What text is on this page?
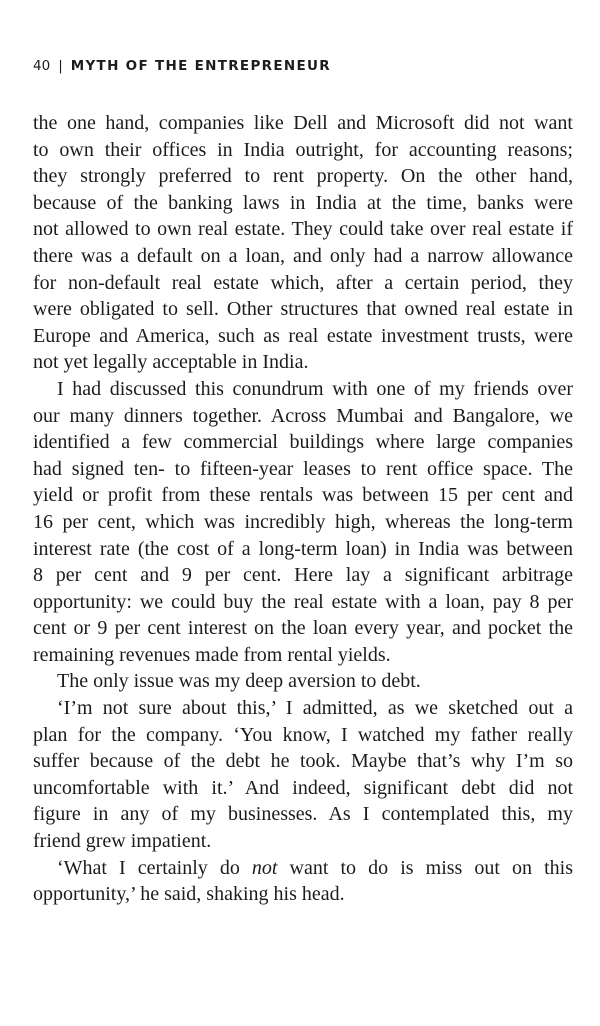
40 | MYTH OF THE ENTREPRENEUR

the one hand, companies like Dell and Microsoft did not want

to own their offices in India outright, for accounting reasons;

they strongly preferred to rent property. On the other hand,

because of the banking laws in India at the time, banks were

not allowed to own real estate. They could take over real estate if

there was a default on a loan, and only had a narrow allowance

for non-default real estate which, after a certain period, they

were obligated to sell. Other structures that owned real estate in

Europe and America, such as real estate investment trusts, were

not yet legally acceptable in India.

I had discussed this conundrum with one of my friends over

our many dinners together. Across Mumbai and Bangalore, we

identified a few commercial buildings where large companies

had signed ten- to fifteen-year leases to rent office space. The

yield or profit from these rentals was between 15 per cent and

16 per cent, which was incredibly high, whereas the long-term

interest rate (the cost of a long-term loan) in India was between

8 per cent and 9 per cent. Here lay a significant arbitrage

opportunity: we could buy the real estate with a loan, pay 8 per

cent or 9 per cent interest on the loan every year, and pocket the

remaining revenues made from rental yields.

The only issue was my deep aversion to debt.

‘I’m not sure about this,’ I admitted, as we sketched out a

plan for the company. ‘You know, I watched my father really

suffer because of the debt he took. Maybe that’s why I’m so

uncomfortable with it.’ And indeed, significant debt did not

figure in any of my businesses. As I contemplated this, my

friend grew impatient.

‘What I certainly do not want to do is miss out on this

opportunity,’ he said, shaking his head.
